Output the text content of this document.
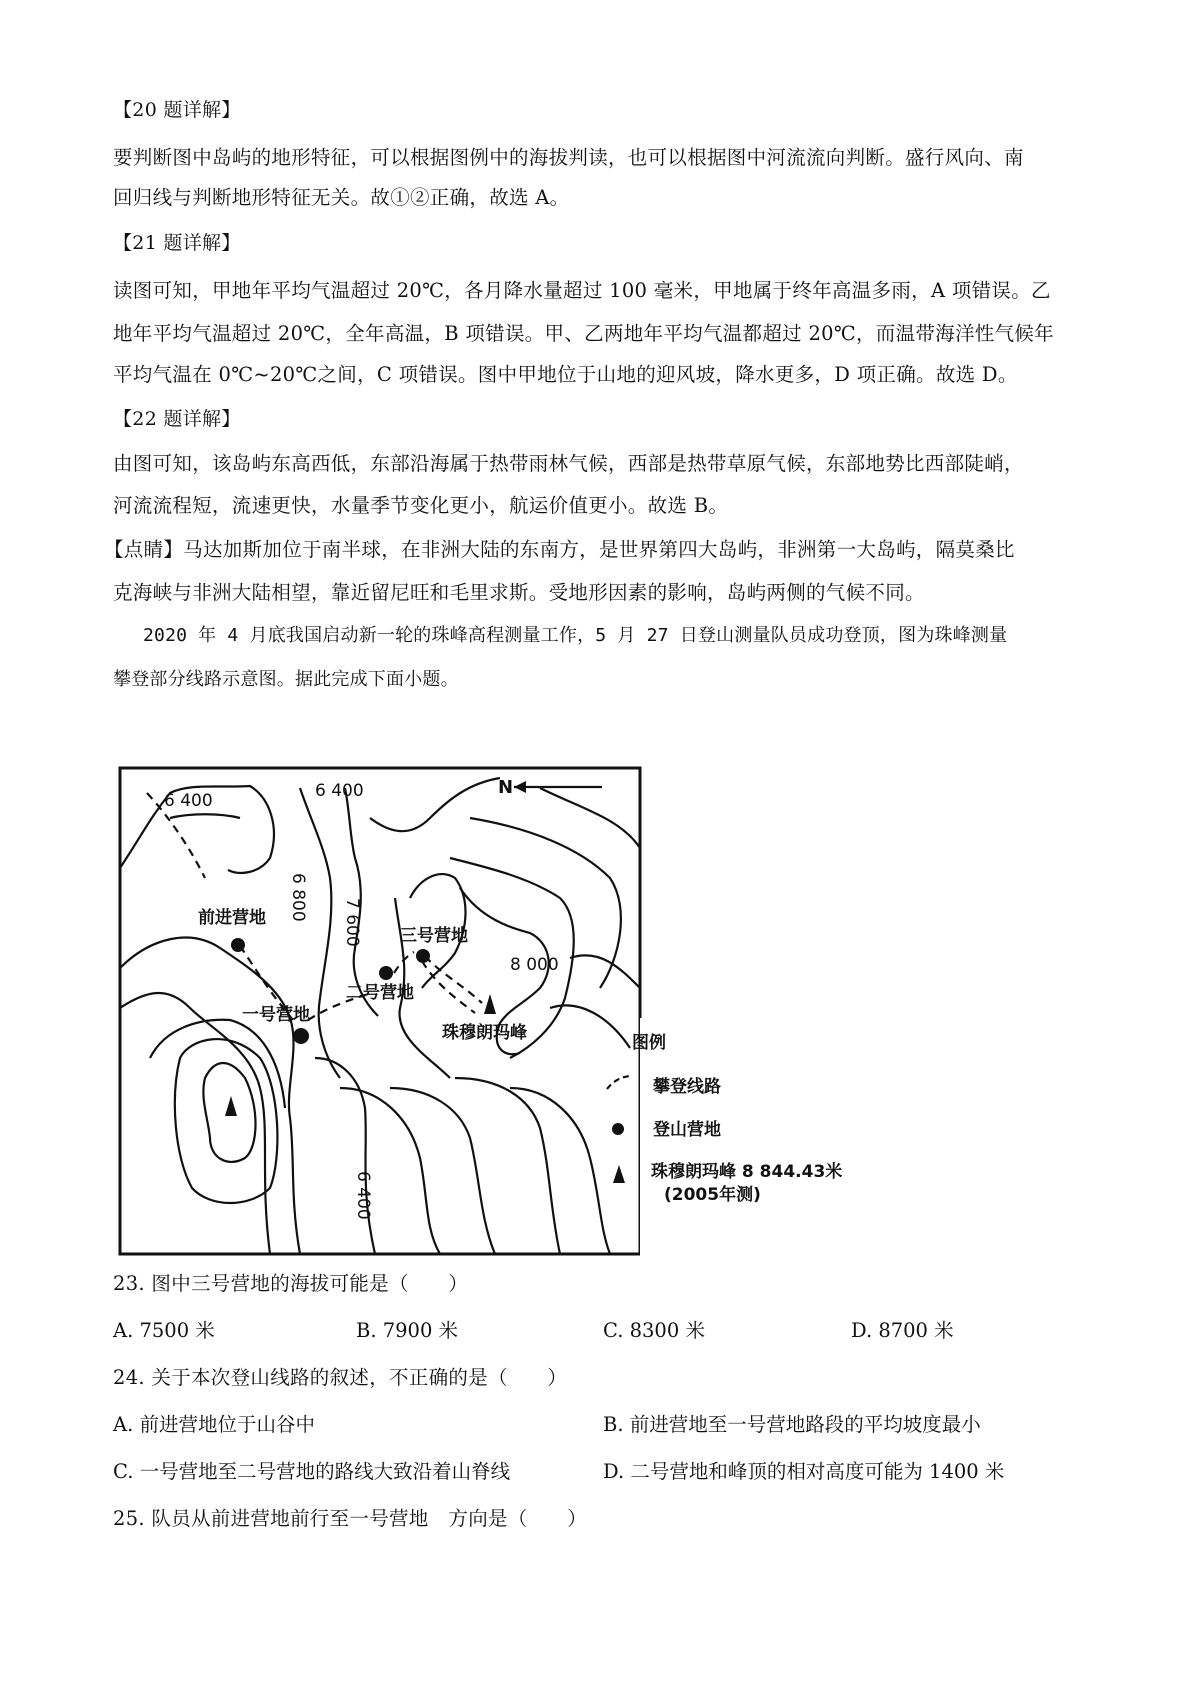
【20 题详解】
要判断图中岛屿的地形特征，可以根据图例中的海拔判读，也可以根据图中河流流向判断。盛行风向、南
回归线与判断地形特征无关。故①②正确，故选 A。
【21 题详解】
读图可知，甲地年平均气温超过 20℃，各月降水量超过 100 毫米，甲地属于终年高温多雨，A 项错误。乙
地年平均气温超过 20℃，全年高温，B 项错误。甲、乙两地年平均气温都超过 20℃，而温带海洋性气候年
平均气温在 0℃~20℃之间，C 项错误。图中甲地位于山地的迎风坡，降水更多，D 项正确。故选 D。
【22 题详解】
由图可知，该岛屿东高西低，东部沿海属于热带雨林气候，西部是热带草原气候，东部地势比西部陡峭，
河流流程短，流速更快，水量季节变化更小，航运价值更小。故选 B。
【点睛】马达加斯加位于南半球，在非洲大陆的东南方，是世界第四大岛屿，非洲第一大岛屿，隔莫桑比
克海峡与非洲大陆相望，靠近留尼旺和毛里求斯。受地形因素的影响，岛屿两侧的气候不同。
2020 年 4 月底我国启动新一轮的珠峰高程测量工作，5 月 27 日登山测量队员成功登顶，图为珠峰测量
攀登部分线路示意图。据此完成下面小题。
N
6 400	6 400
6 800
7 600
8 000
6 400
前进营地
一号营地
二号营地
三号营地
珠穆朗玛峰	图例
攀登线路
登山营地
珠穆朗玛峰 8 844.43米
(2005年测)
23. 图中三号营地的海拔可能是（　　）
A. 7500 米	B. 7900 米	C. 8300 米	D. 8700 米
24. 关于本次登山线路的叙述，不正确的是（　　）
A. 前进营地位于山谷中	B. 前进营地至一号营地路段的平均坡度最小
C. 一号营地至二号营地的路线大致沿着山脊线	D. 二号营地和峰顶的相对高度可能为 1400 米
25. 队员从前进营地前行至一号营地　方向是（　　）
